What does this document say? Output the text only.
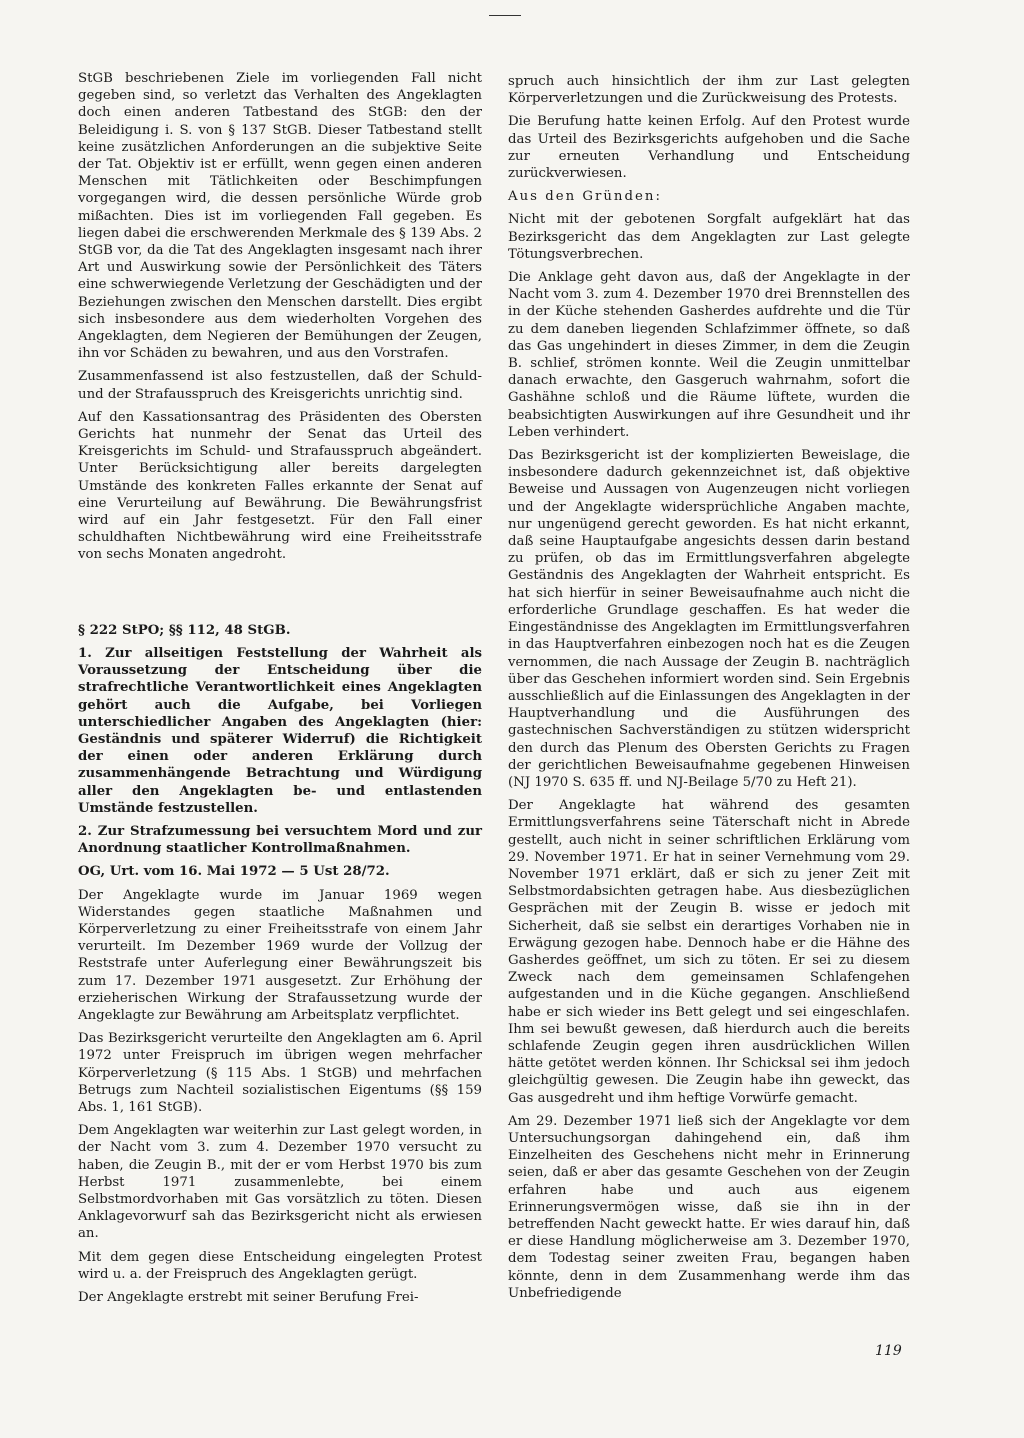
StGB beschriebenen Ziele im vorliegenden Fall nicht gegeben sind, so verletzt das Verhalten des Angeklagten doch einen anderen Tatbestand des StGB: den der Beleidigung i. S. von § 137 StGB. Dieser Tatbestand stellt keine zusätzlichen Anforderungen an die subjektive Seite der Tat. Objektiv ist er erfüllt, wenn gegen einen anderen Menschen mit Tätlichkeiten oder Beschimpfungen vorgegangen wird, die dessen persönliche Würde grob mißachten. Dies ist im vorliegenden Fall gegeben. Es liegen dabei die erschwerenden Merkmale des § 139 Abs. 2 StGB vor, da die Tat des Angeklagten insgesamt nach ihrer Art und Auswirkung sowie der Persönlichkeit des Täters eine schwerwiegende Verletzung der Geschädigten und der Beziehungen zwischen den Menschen darstellt. Dies ergibt sich insbesondere aus dem wiederholten Vorgehen des Angeklagten, dem Negieren der Bemühungen der Zeugen, ihn vor Schäden zu bewahren, und aus den Vorstrafen.

Zusammenfassend ist also festzustellen, daß der Schuld- und der Strafausspruch des Kreisgerichts unrichtig sind.

Auf den Kassationsantrag des Präsidenten des Obersten Gerichts hat nunmehr der Senat das Urteil des Kreisgerichts im Schuld- und Strafausspruch abgeändert. Unter Berücksichtigung aller bereits dargelegten Umstände des konkreten Falles erkannte der Senat auf eine Verurteilung auf Bewährung. Die Bewährungsfrist wird auf ein Jahr festgesetzt. Für den Fall einer schuldhaften Nichtbewährung wird eine Freiheitsstrafe von sechs Monaten angedroht.

§ 222 StPO; §§ 112, 48 StGB.

1. Zur allseitigen Feststellung der Wahrheit als Voraussetzung der Entscheidung über die strafrechtliche Verantwortlichkeit eines Angeklagten gehört auch die Aufgabe, bei Vorliegen unterschiedlicher Angaben des Angeklagten (hier: Geständnis und späterer Widerruf) die Richtigkeit der einen oder anderen Erklärung durch zusammenhängende Betrachtung und Würdigung aller den Angeklagten be- und entlastenden Umstände festzustellen.

2. Zur Strafzumessung bei versuchtem Mord und zur Anordnung staatlicher Kontrollmaßnahmen.

OG, Urt. vom 16. Mai 1972 — 5 Ust 28/72.

Der Angeklagte wurde im Januar 1969 wegen Widerstandes gegen staatliche Maßnahmen und Körperverletzung zu einer Freiheitsstrafe von einem Jahr verurteilt. Im Dezember 1969 wurde der Vollzug der Reststrafe unter Auferlegung einer Bewährungszeit bis zum 17. Dezember 1971 ausgesetzt. Zur Erhöhung der erzieherischen Wirkung der Strafaussetzung wurde der Angeklagte zur Bewährung am Arbeitsplatz verpflichtet.

Das Bezirksgericht verurteilte den Angeklagten am 6. April 1972 unter Freispruch im übrigen wegen mehrfacher Körperverletzung (§ 115 Abs. 1 StGB) und mehrfachen Betrugs zum Nachteil sozialistischen Eigentums (§§ 159 Abs. 1, 161 StGB).

Dem Angeklagten war weiterhin zur Last gelegt worden, in der Nacht vom 3. zum 4. Dezember 1970 versucht zu haben, die Zeugin B., mit der er vom Herbst 1970 bis zum Herbst 1971 zusammenlebte, bei einem Selbstmordvorhaben mit Gas vorsätzlich zu töten. Diesen Anklagevorwurf sah das Bezirksgericht nicht als erwiesen an.

Mit dem gegen diese Entscheidung eingelegten Protest wird u. a. der Freispruch des Angeklagten gerügt.

Der Angeklagte erstrebt mit seiner Berufung Frei-

spruch auch hinsichtlich der ihm zur Last gelegten Körperverletzungen und die Zurückweisung des Protests.

Die Berufung hatte keinen Erfolg. Auf den Protest wurde das Urteil des Bezirksgerichts aufgehoben und die Sache zur erneuten Verhandlung und Entscheidung zurückverwiesen.

Aus den Gründen:

Nicht mit der gebotenen Sorgfalt aufgeklärt hat das Bezirksgericht das dem Angeklagten zur Last gelegte Tötungsverbrechen.

Die Anklage geht davon aus, daß der Angeklagte in der Nacht vom 3. zum 4. Dezember 1970 drei Brennstellen des in der Küche stehenden Gasherdes aufdrehte und die Tür zu dem daneben liegenden Schlafzimmer öffnete, so daß das Gas ungehindert in dieses Zimmer, in dem die Zeugin B. schlief, strömen konnte. Weil die Zeugin unmittelbar danach erwachte, den Gasgeruch wahrnahm, sofort die Gashähne schloß und die Räume lüftete, wurden die beabsichtigten Auswirkungen auf ihre Gesundheit und ihr Leben verhindert.

Das Bezirksgericht ist der komplizierten Beweislage, die insbesondere dadurch gekennzeichnet ist, daß objektive Beweise und Aussagen von Augenzeugen nicht vorliegen und der Angeklagte widersprüchliche Angaben machte, nur ungenügend gerecht geworden. Es hat nicht erkannt, daß seine Hauptaufgabe angesichts dessen darin bestand zu prüfen, ob das im Ermittlungsverfahren abgelegte Geständnis des Angeklagten der Wahrheit entspricht. Es hat sich hierfür in seiner Beweisaufnahme auch nicht die erforderliche Grundlage geschaffen. Es hat weder die Eingeständnisse des Angeklagten im Ermittlungsverfahren in das Hauptverfahren einbezogen noch hat es die Zeugen vernommen, die nach Aussage der Zeugin B. nachträglich über das Geschehen informiert worden sind. Sein Ergebnis ausschließlich auf die Einlassungen des Angeklagten in der Hauptverhandlung und die Ausführungen des gastechnischen Sachverständigen zu stützen widerspricht den durch das Plenum des Obersten Gerichts zu Fragen der gerichtlichen Beweisaufnahme gegebenen Hinweisen (NJ 1970 S. 635 ff. und NJ-Beilage 5/70 zu Heft 21).

Der Angeklagte hat während des gesamten Ermittlungsverfahrens seine Täterschaft nicht in Abrede gestellt, auch nicht in seiner schriftlichen Erklärung vom 29. November 1971. Er hat in seiner Vernehmung vom 29. November 1971 erklärt, daß er sich zu jener Zeit mit Selbstmordabsichten getragen habe. Aus diesbezüglichen Gesprächen mit der Zeugin B. wisse er jedoch mit Sicherheit, daß sie selbst ein derartiges Vorhaben nie in Erwägung gezogen habe. Dennoch habe er die Hähne des Gasherdes geöffnet, um sich zu töten. Er sei zu diesem Zweck nach dem gemeinsamen Schlafengehen aufgestanden und in die Küche gegangen. Anschließend habe er sich wieder ins Bett gelegt und sei eingeschlafen. Ihm sei bewußt gewesen, daß hierdurch auch die bereits schlafende Zeugin gegen ihren ausdrücklichen Willen hätte getötet werden können. Ihr Schicksal sei ihm jedoch gleichgültig gewesen. Die Zeugin habe ihn geweckt, das Gas ausgedreht und ihm heftige Vorwürfe gemacht.

Am 29. Dezember 1971 ließ sich der Angeklagte vor dem Untersuchungsorgan dahingehend ein, daß ihm Einzelheiten des Geschehens nicht mehr in Erinnerung seien, daß er aber das gesamte Geschehen von der Zeugin erfahren habe und auch aus eigenem Erinnerungsvermögen wisse, daß sie ihn in der betreffenden Nacht geweckt hatte. Er wies darauf hin, daß er diese Handlung möglicherweise am 3. Dezember 1970, dem Todestag seiner zweiten Frau, begangen haben könnte, denn in dem Zusammenhang werde ihm das Unbefriedigende

119
